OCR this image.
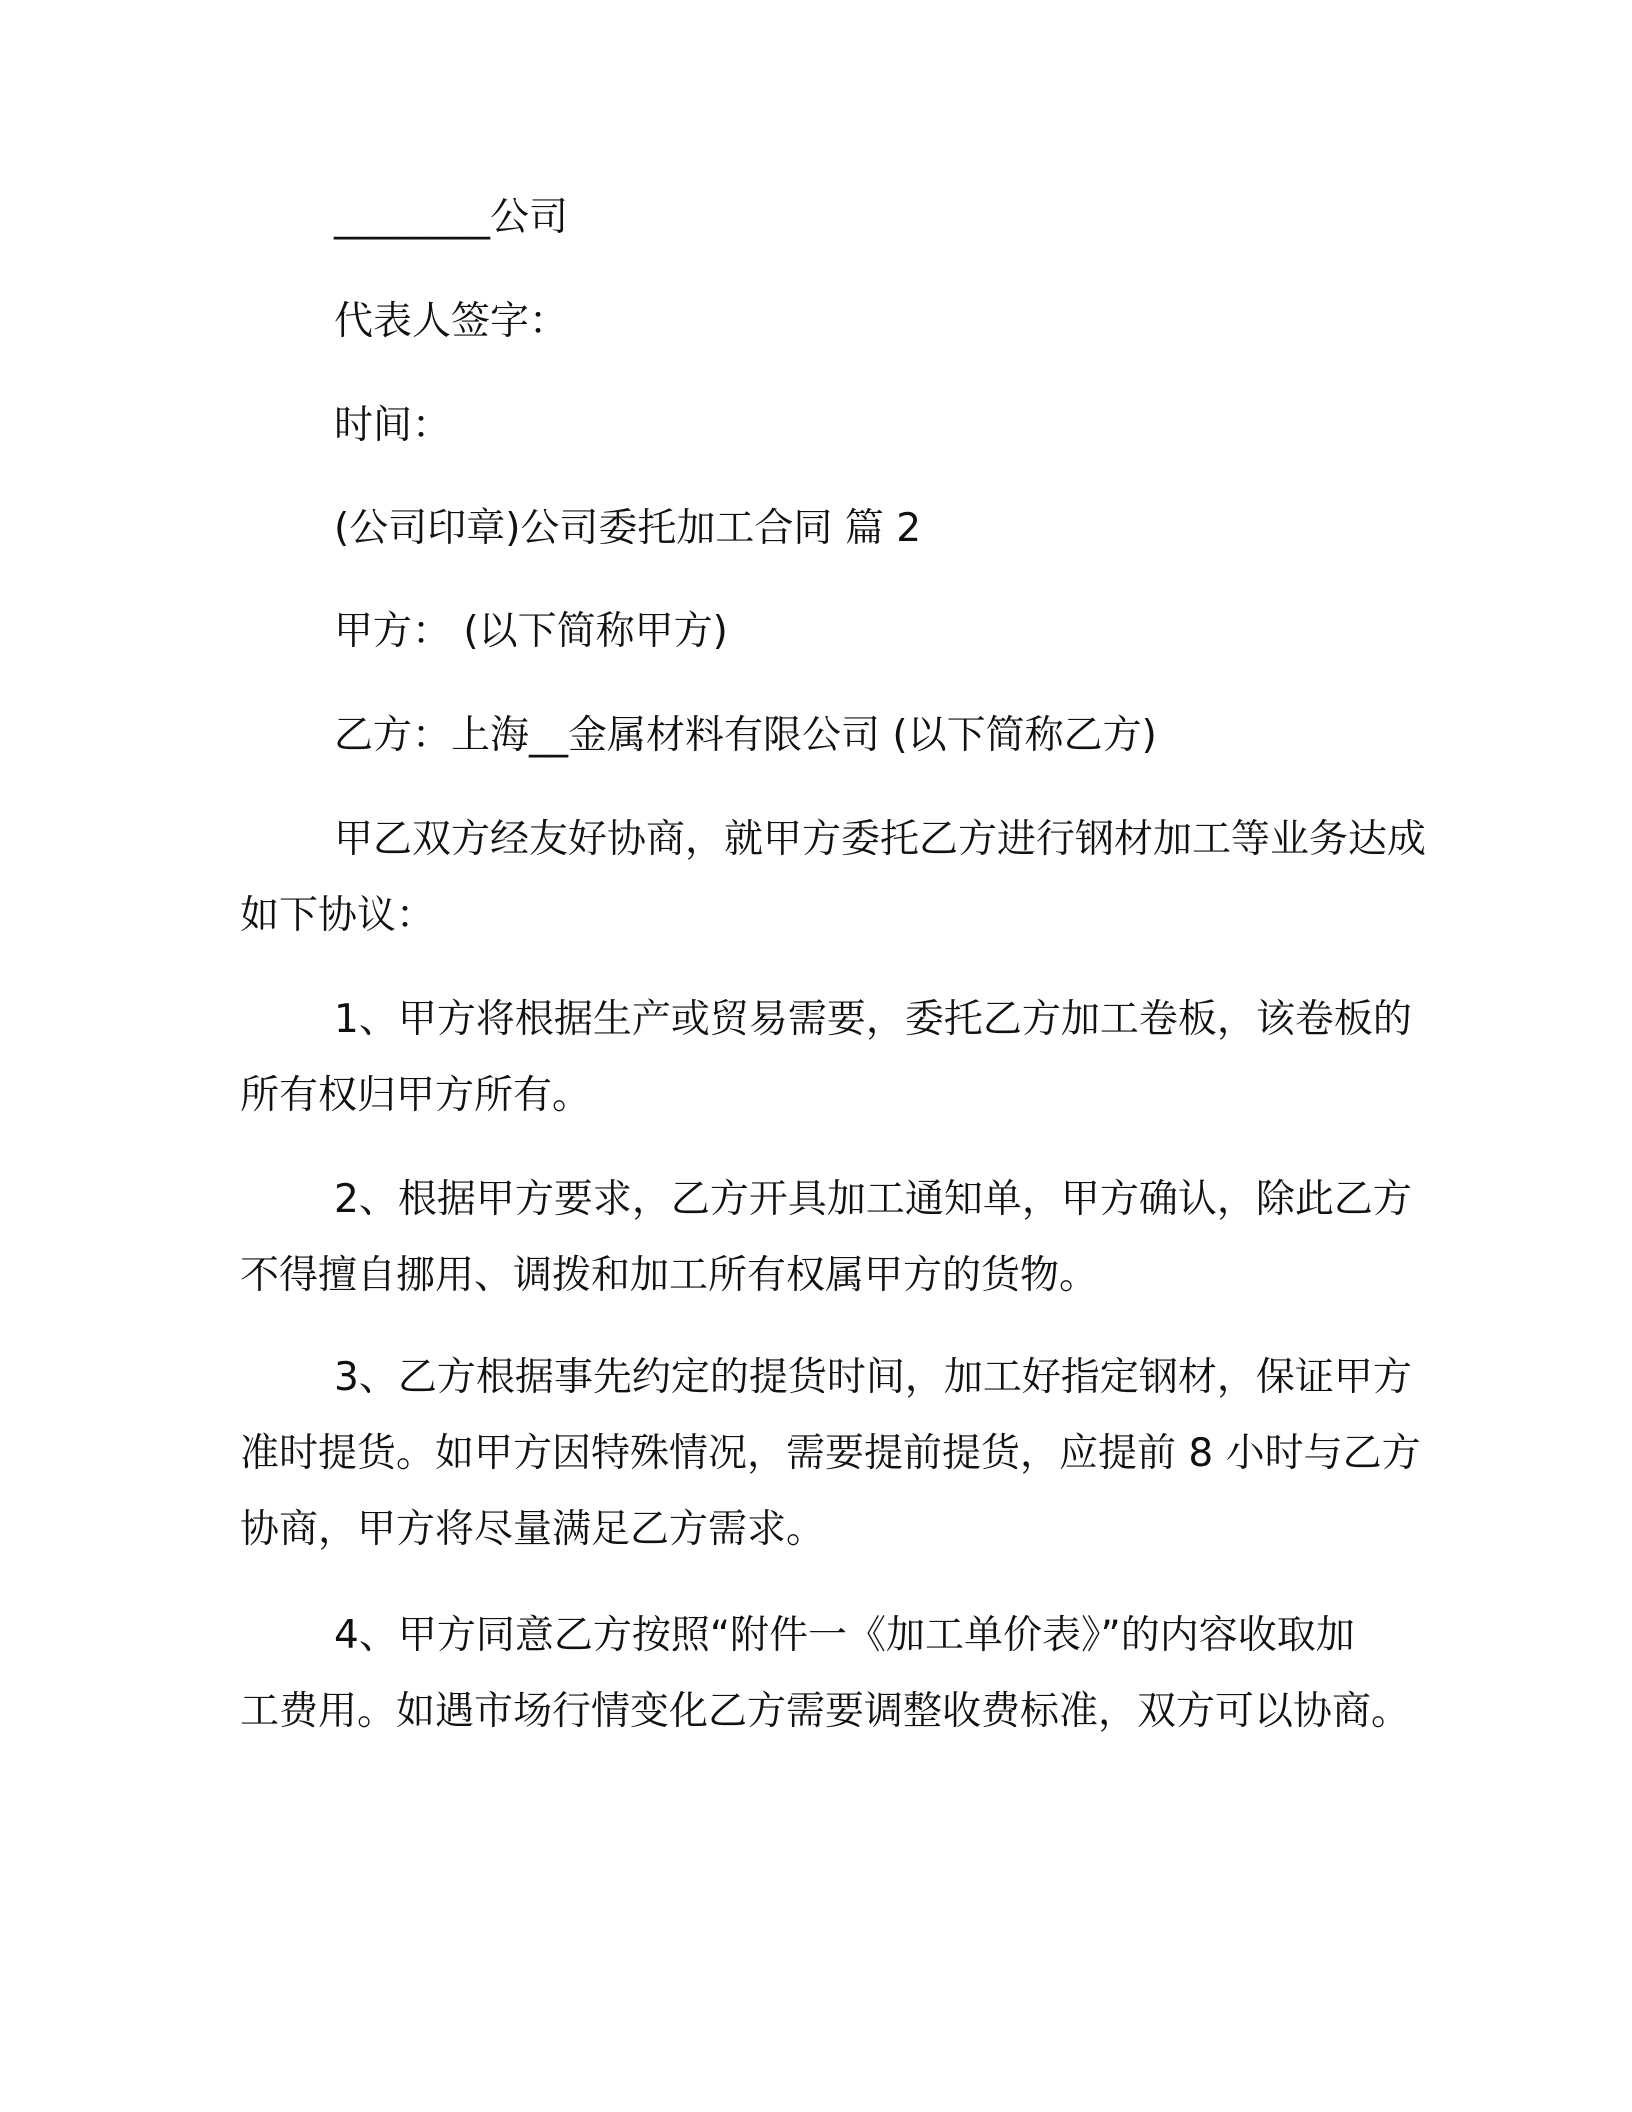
________公司
代表人签字：
时间：
(公司印章)公司委托加工合同 篇 2
甲方： (以下简称甲方)
乙方：上海__金属材料有限公司 (以下简称乙方)
甲乙双方经友好协商，就甲方委托乙方进行钢材加工等业务达成
如下协议：
1、甲方将根据生产或贸易需要，委托乙方加工卷板，该卷板的
所有权归甲方所有。
2、根据甲方要求，乙方开具加工通知单，甲方确认，除此乙方
不得擅自挪用、调拨和加工所有权属甲方的货物。
3、乙方根据事先约定的提货时间，加工好指定钢材，保证甲方
准时提货。如甲方因特殊情况，需要提前提货，应提前 8 小时与乙方
协商，甲方将尽量满足乙方需求。
4、甲方同意乙方按照“附件一《加工单价表》”的内容收取加
工费用。如遇市场行情变化乙方需要调整收费标准，双方可以协商。
